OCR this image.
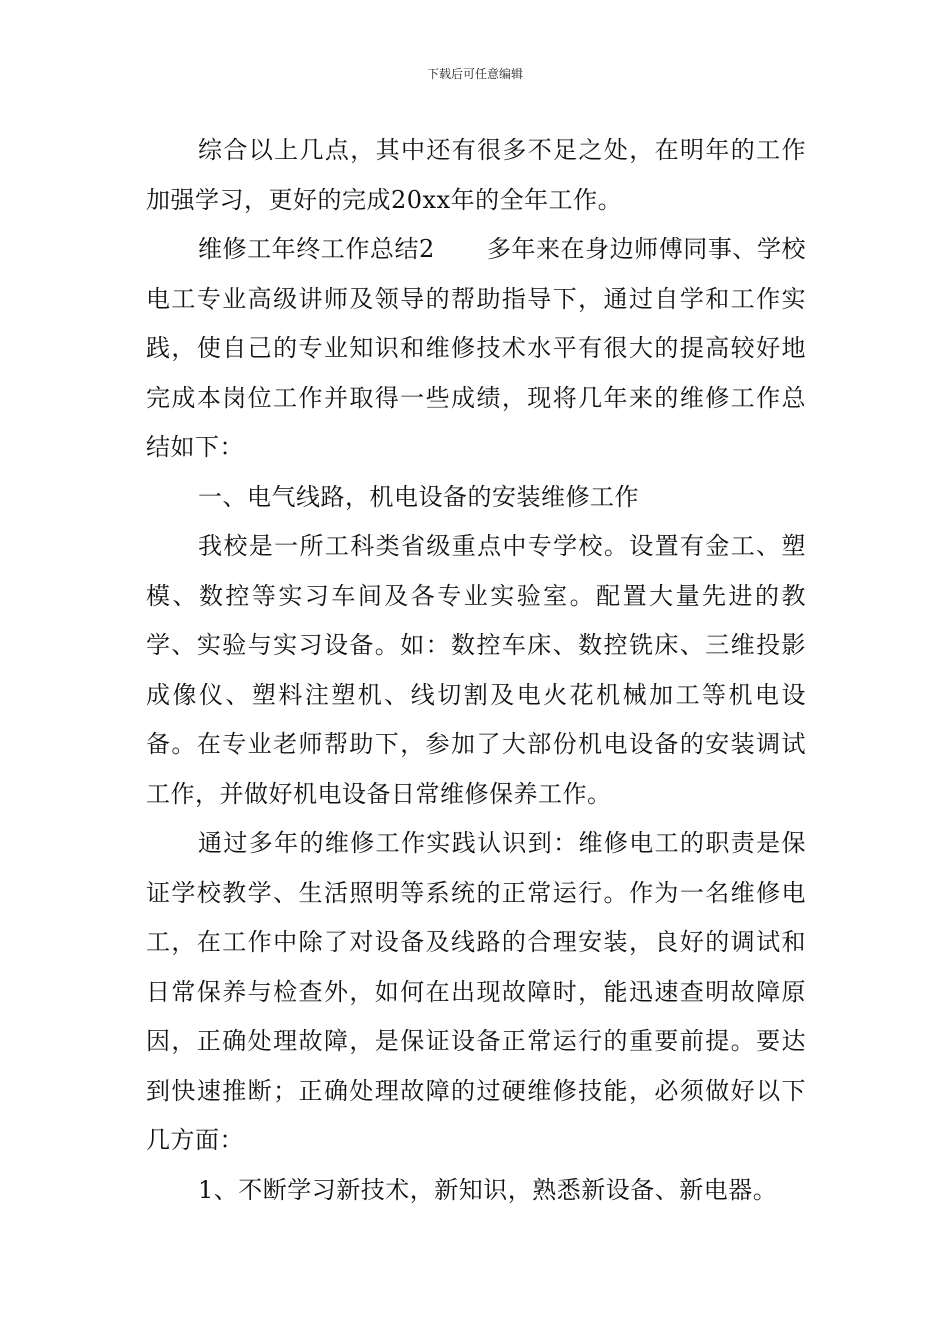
下载后可任意编辑

综合以上几点，其中还有很多不足之处，在明年的工作加强学习，更好的完成20xx年的全年工作。

维修工年终工作总结2 多年来在身边师傅同事、学校电工专业高级讲师及领导的帮助指导下，通过自学和工作实践，使自己的专业知识和维修技术水平有很大的提高较好地完成本岗位工作并取得一些成绩，现将几年来的维修工作总结如下：

一、电气线路，机电设备的安装维修工作

我校是一所工科类省级重点中专学校。设置有金工、塑模、数控等实习车间及各专业实验室。配置大量先进的教学、实验与实习设备。如：数控车床、数控铣床、三维投影成像仪、塑料注塑机、线切割及电火花机械加工等机电设备。在专业老师帮助下，参加了大部份机电设备的安装调试工作，并做好机电设备日常维修保养工作。

通过多年的维修工作实践认识到：维修电工的职责是保证学校教学、生活照明等系统的正常运行。作为一名维修电工，在工作中除了对设备及线路的合理安装，良好的调试和日常保养与检查外，如何在出现故障时，能迅速查明故障原因，正确处理故障，是保证设备正常运行的重要前提。要达到快速推断；正确处理故障的过硬维修技能，必须做好以下几方面：

1、不断学习新技术，新知识，熟悉新设备、新电器。
